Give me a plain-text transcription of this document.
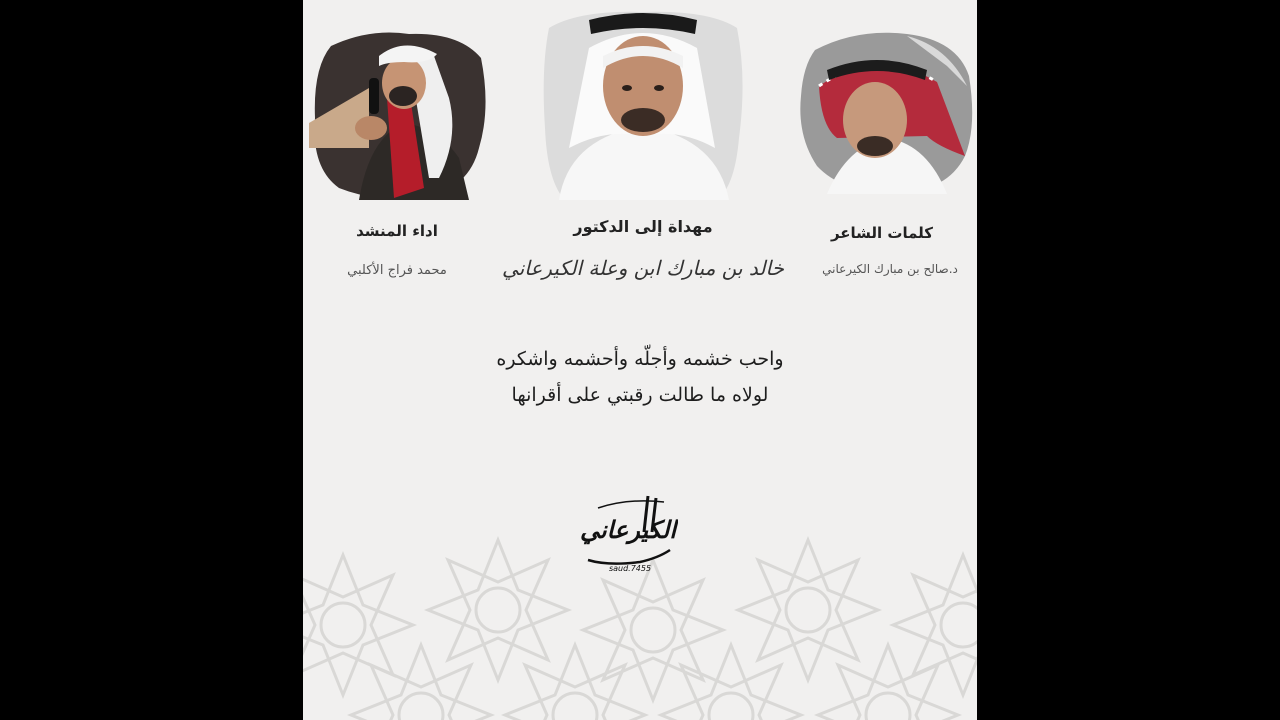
اداء المنشد
محمد فراج الأكلبي
مهداة إلى الدكتور
خالد بن مبارك ابن وعلة الكيرعاني
كلمات الشاعر
د.صالح بن مبارك الكيرعاني
واحب خشمه وأجلّه وأحشمه واشكره
لولاه ما طالت رقبتي على أقرانها
الكيرعاني
saud.7455
